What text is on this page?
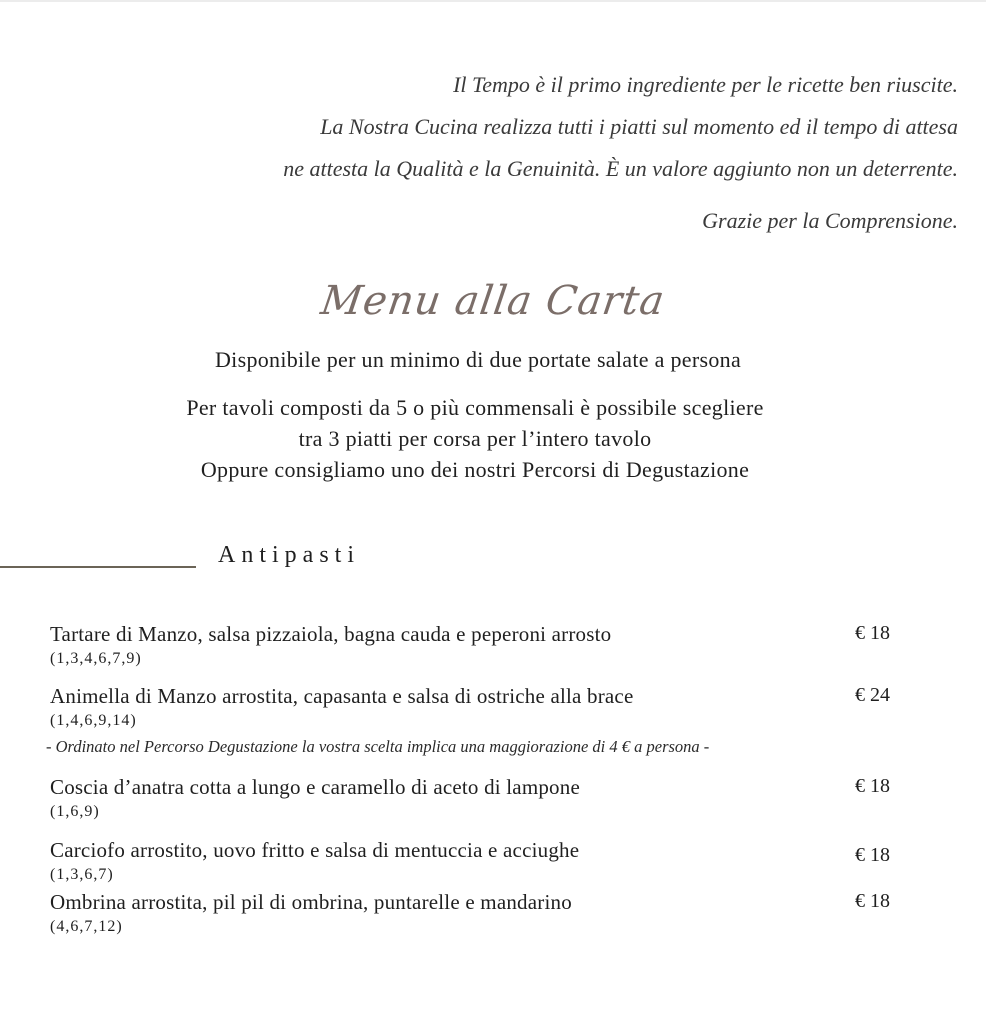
Il Tempo è il primo ingrediente per le ricette ben riuscite.
La Nostra Cucina realizza tutti i piatti sul momento ed il tempo di attesa
ne attesta la Qualità e la Genuinità. È un valore aggiunto non un deterrente.
Grazie per la Comprensione.
Menu alla Carta
Disponibile per un minimo di due portate salate a persona
Per tavoli composti da 5 o più commensali è possibile scegliere
tra 3 piatti per corsa per l’intero tavolo
Oppure consigliamo uno dei nostri Percorsi di Degustazione
Antipasti
Tartare di Manzo, salsa pizzaiola, bagna cauda e peperoni arrosto	€ 18
(1,3,4,6,7,9)
Animella di Manzo arrostita, capasanta e salsa di ostriche alla brace	€ 24
(1,4,6,9,14)
- Ordinato nel Percorso Degustazione la vostra scelta implica una maggiorazione di 4 € a persona -
Coscia d’anatra cotta a lungo e caramello di aceto di lampone	€ 18
(1,6,9)
Carciofo arrostito, uovo fritto e salsa di mentuccia e acciughe	€ 18
(1,3,6,7)
Ombrina arrostita, pil pil di ombrina, puntarelle e mandarino	€ 18
(4,6,7,12)
